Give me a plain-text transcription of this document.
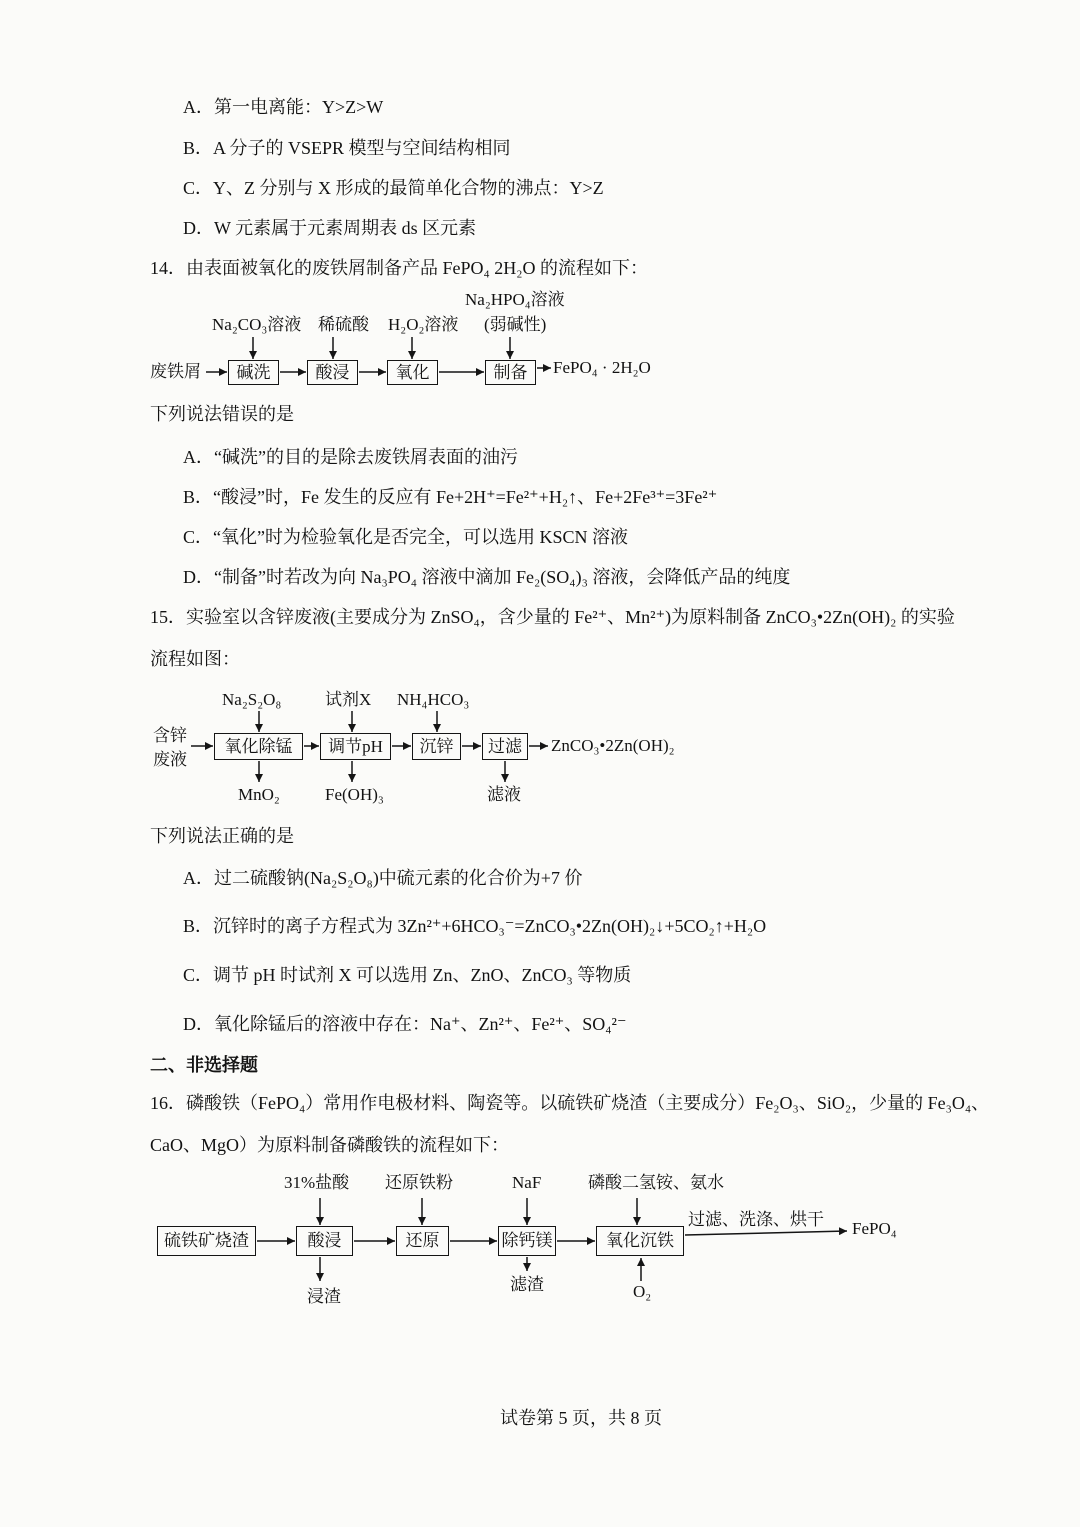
A．第一电离能：Y>Z>W
B．A 分子的 VSEPR 模型与空间结构相同
C．Y、Z 分别与 X 形成的最简单化合物的沸点：Y>Z
D．W 元素属于元素周期表 ds 区元素
14．由表面被氧化的废铁屑制备产品 FePO₄ 2H₂O 的流程如下：
Na₂HPO₄溶液
Na₂CO₃溶液 稀硫酸 H₂O₂溶液 (弱碱性)
废铁屑	碱洗	酸浸	氧化	制备	FePO₄ · 2H₂O
下列说法错误的是
A．“碱洗”的目的是除去废铁屑表面的油污
B．“酸浸”时，Fe 发生的反应有 Fe+2H⁺=Fe²⁺+H₂↑、Fe+2Fe³⁺=3Fe²⁺
C．“氧化”时为检验氧化是否完全，可以选用 KSCN 溶液
D．“制备”时若改为向 Na₃PO₄ 溶液中滴加 Fe₂(SO₄)₃ 溶液，会降低产品的纯度
15．实验室以含锌废液(主要成分为 ZnSO₄，含少量的 Fe²⁺、Mn²⁺)为原料制备 ZnCO₃•2Zn(OH)₂ 的实验
流程如图：
Na₂S₂O₈	试剂X NH₄HCO₃
含锌
废液
氧化除锰	调节pH	沉锌	过滤	ZnCO₃•2Zn(OH)₂
MnO₂	Fe(OH)₃	滤液
下列说法正确的是
A．过二硫酸钠(Na₂S₂O₈)中硫元素的化合价为+7 价
B．沉锌时的离子方程式为 3Zn²⁺+6HCO₃⁻=ZnCO₃•2Zn(OH)₂↓+5CO₂↑+H₂O
C．调节 pH 时试剂 X 可以选用 Zn、ZnO、ZnCO₃ 等物质
D．氧化除锰后的溶液中存在：Na⁺、Zn²⁺、Fe²⁺、SO₄²⁻
二、非选择题
16．磷酸铁（FePO₄）常用作电极材料、陶瓷等。以硫铁矿烧渣（主要成分）Fe₂O₃、SiO₂，少量的 Fe₃O₄、
CaO、MgO）为原料制备磷酸铁的流程如下：
31%盐酸 还原铁粉	NaF	磷酸二氢铵、氨水
硫铁矿烧渣	酸浸	还原	除钙镁	氧化沉铁
过滤、洗涤、烘干 FePO₄
浸渣
滤渣	O₂
试卷第 5 页，共 8 页
